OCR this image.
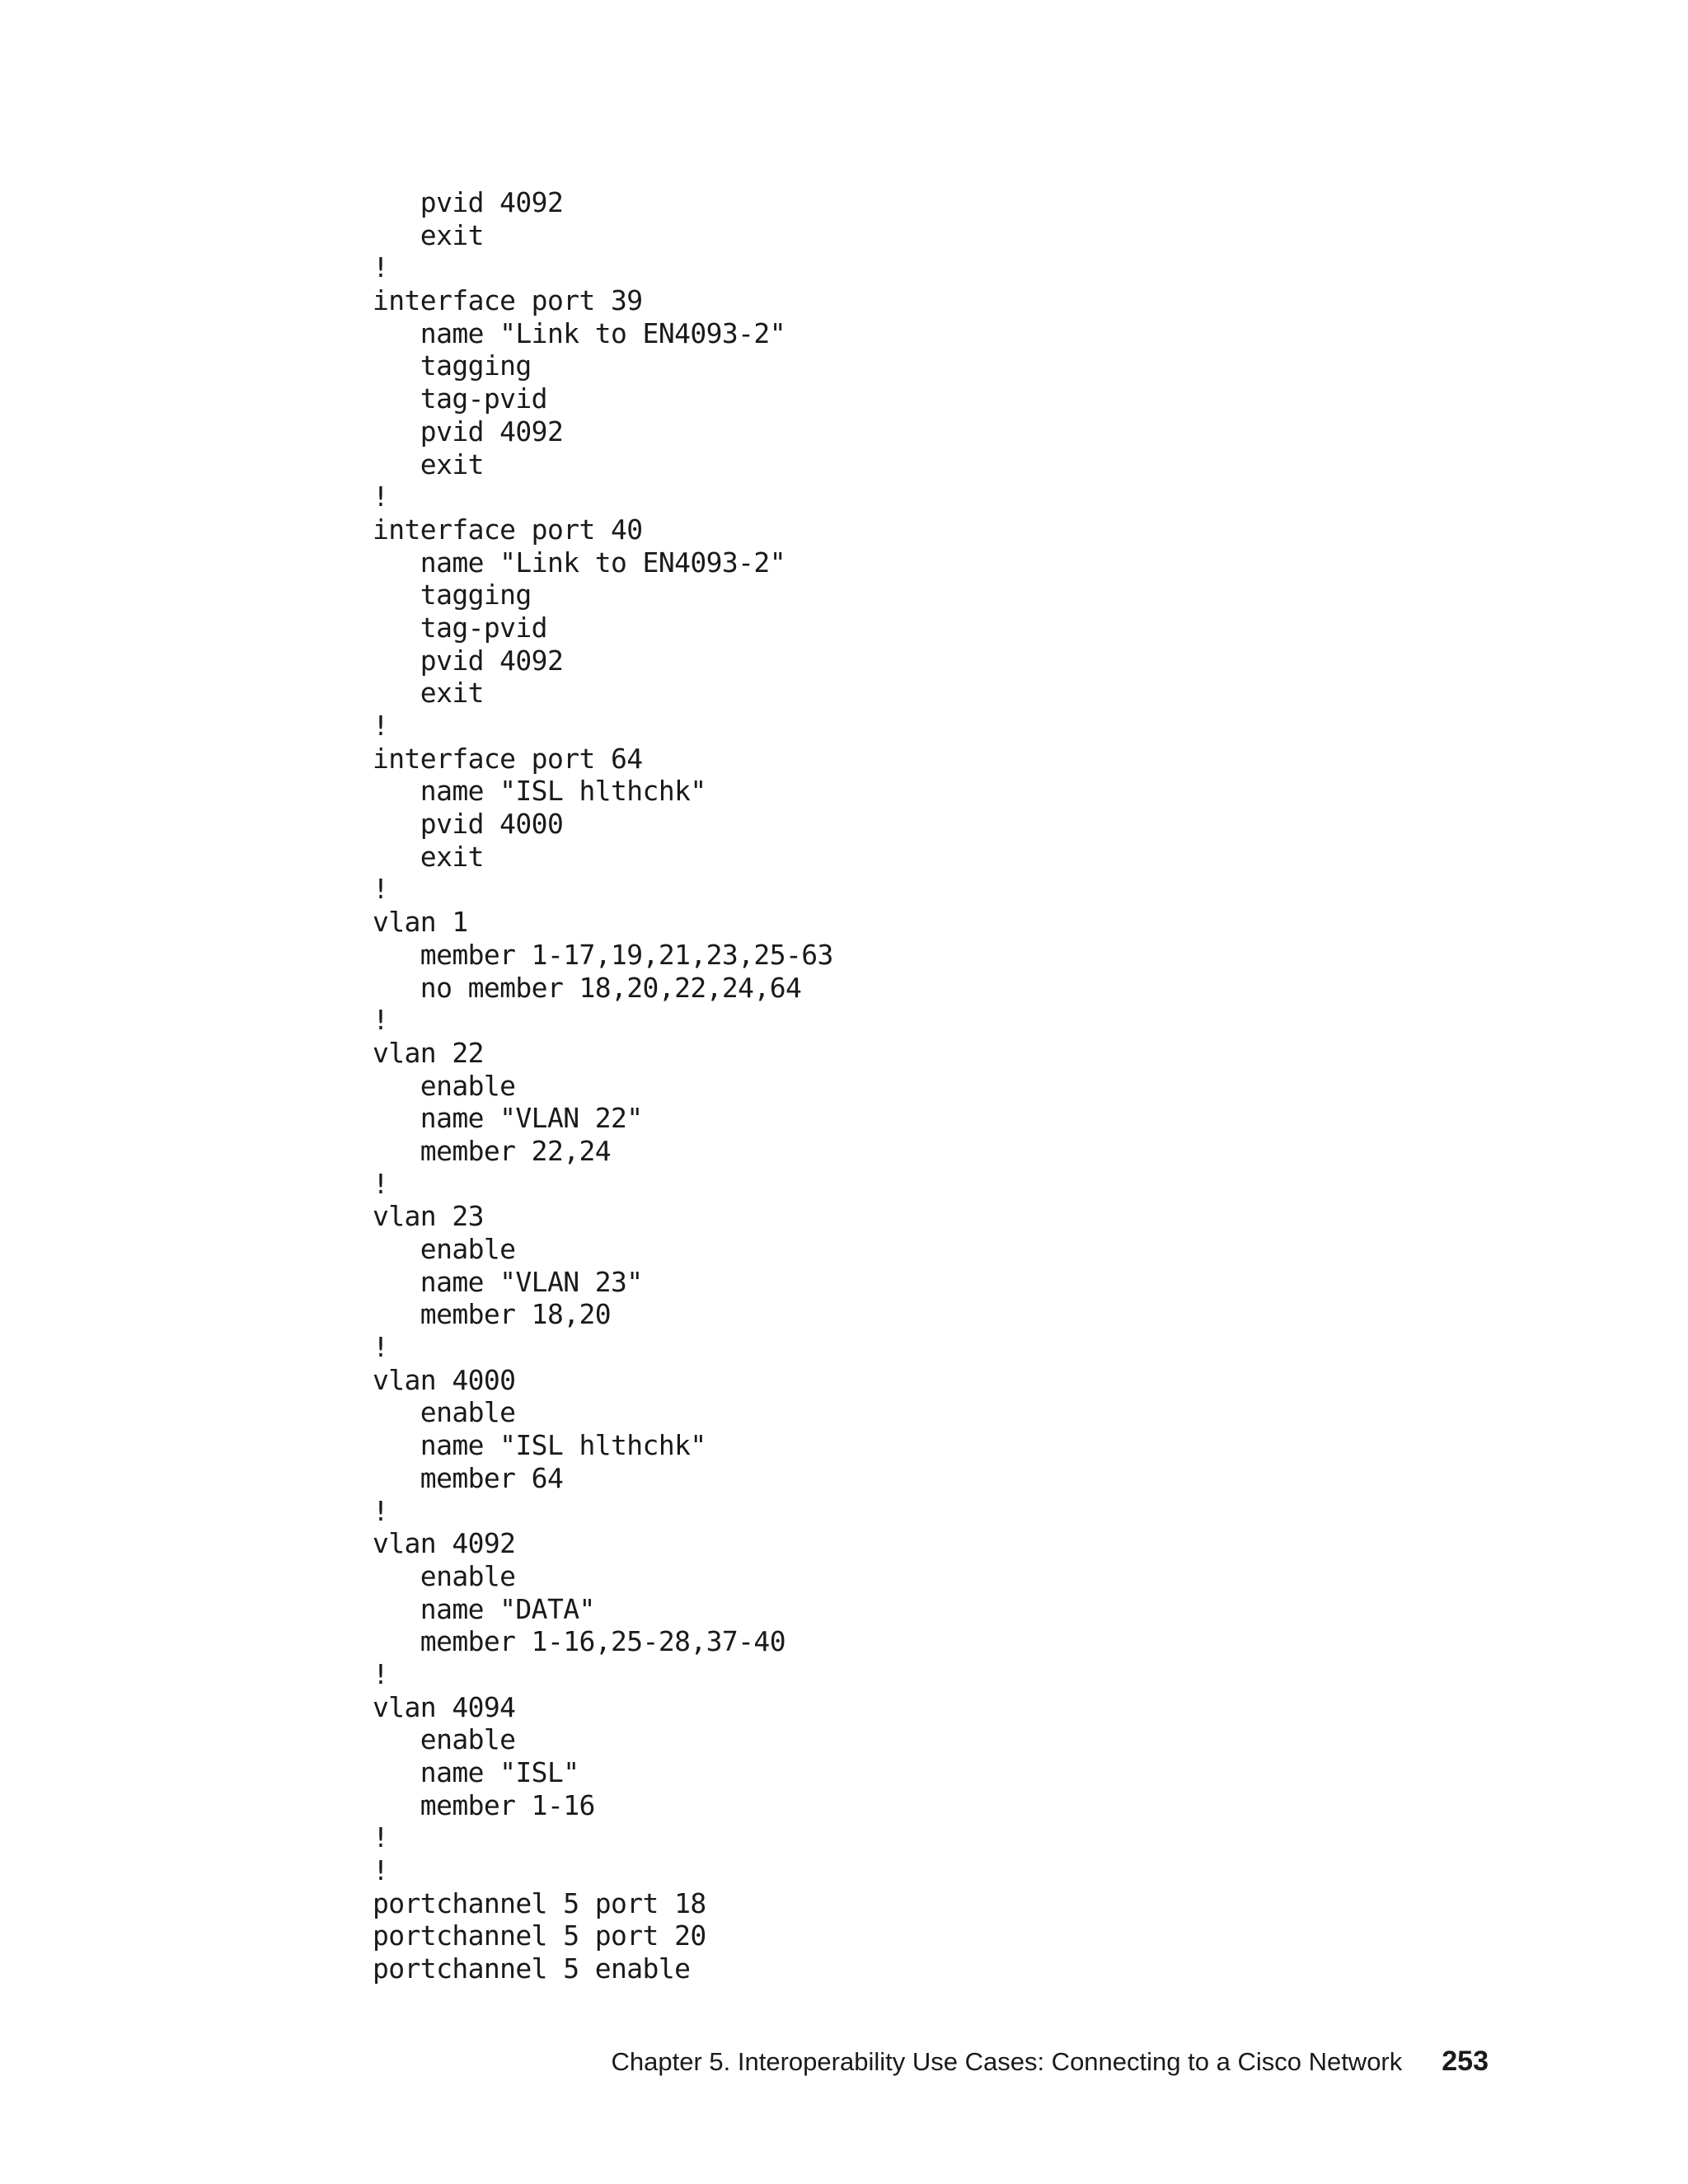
pvid 4092
exit
!
interface port 39
name "Link to EN4093-2"
tagging
tag-pvid
pvid 4092
exit
!
interface port 40
name "Link to EN4093-2"
tagging
tag-pvid
pvid 4092
exit
!
interface port 64
name "ISL hlthchk"
pvid 4000
exit
!
vlan 1
member 1-17,19,21,23,25-63
no member 18,20,22,24,64
!
vlan 22
enable
name "VLAN 22"
member 22,24
!
vlan 23
enable
name "VLAN 23"
member 18,20
!
vlan 4000
enable
name "ISL hlthchk"
member 64
!
vlan 4092
enable
name "DATA"
member 1-16,25-28,37-40
!
vlan 4094
enable
name "ISL"
member 1-16
!
!
portchannel 5 port 18
portchannel 5 port 20
portchannel 5 enable
Chapter 5. Interoperability Use Cases: Connecting to a Cisco Network 253
